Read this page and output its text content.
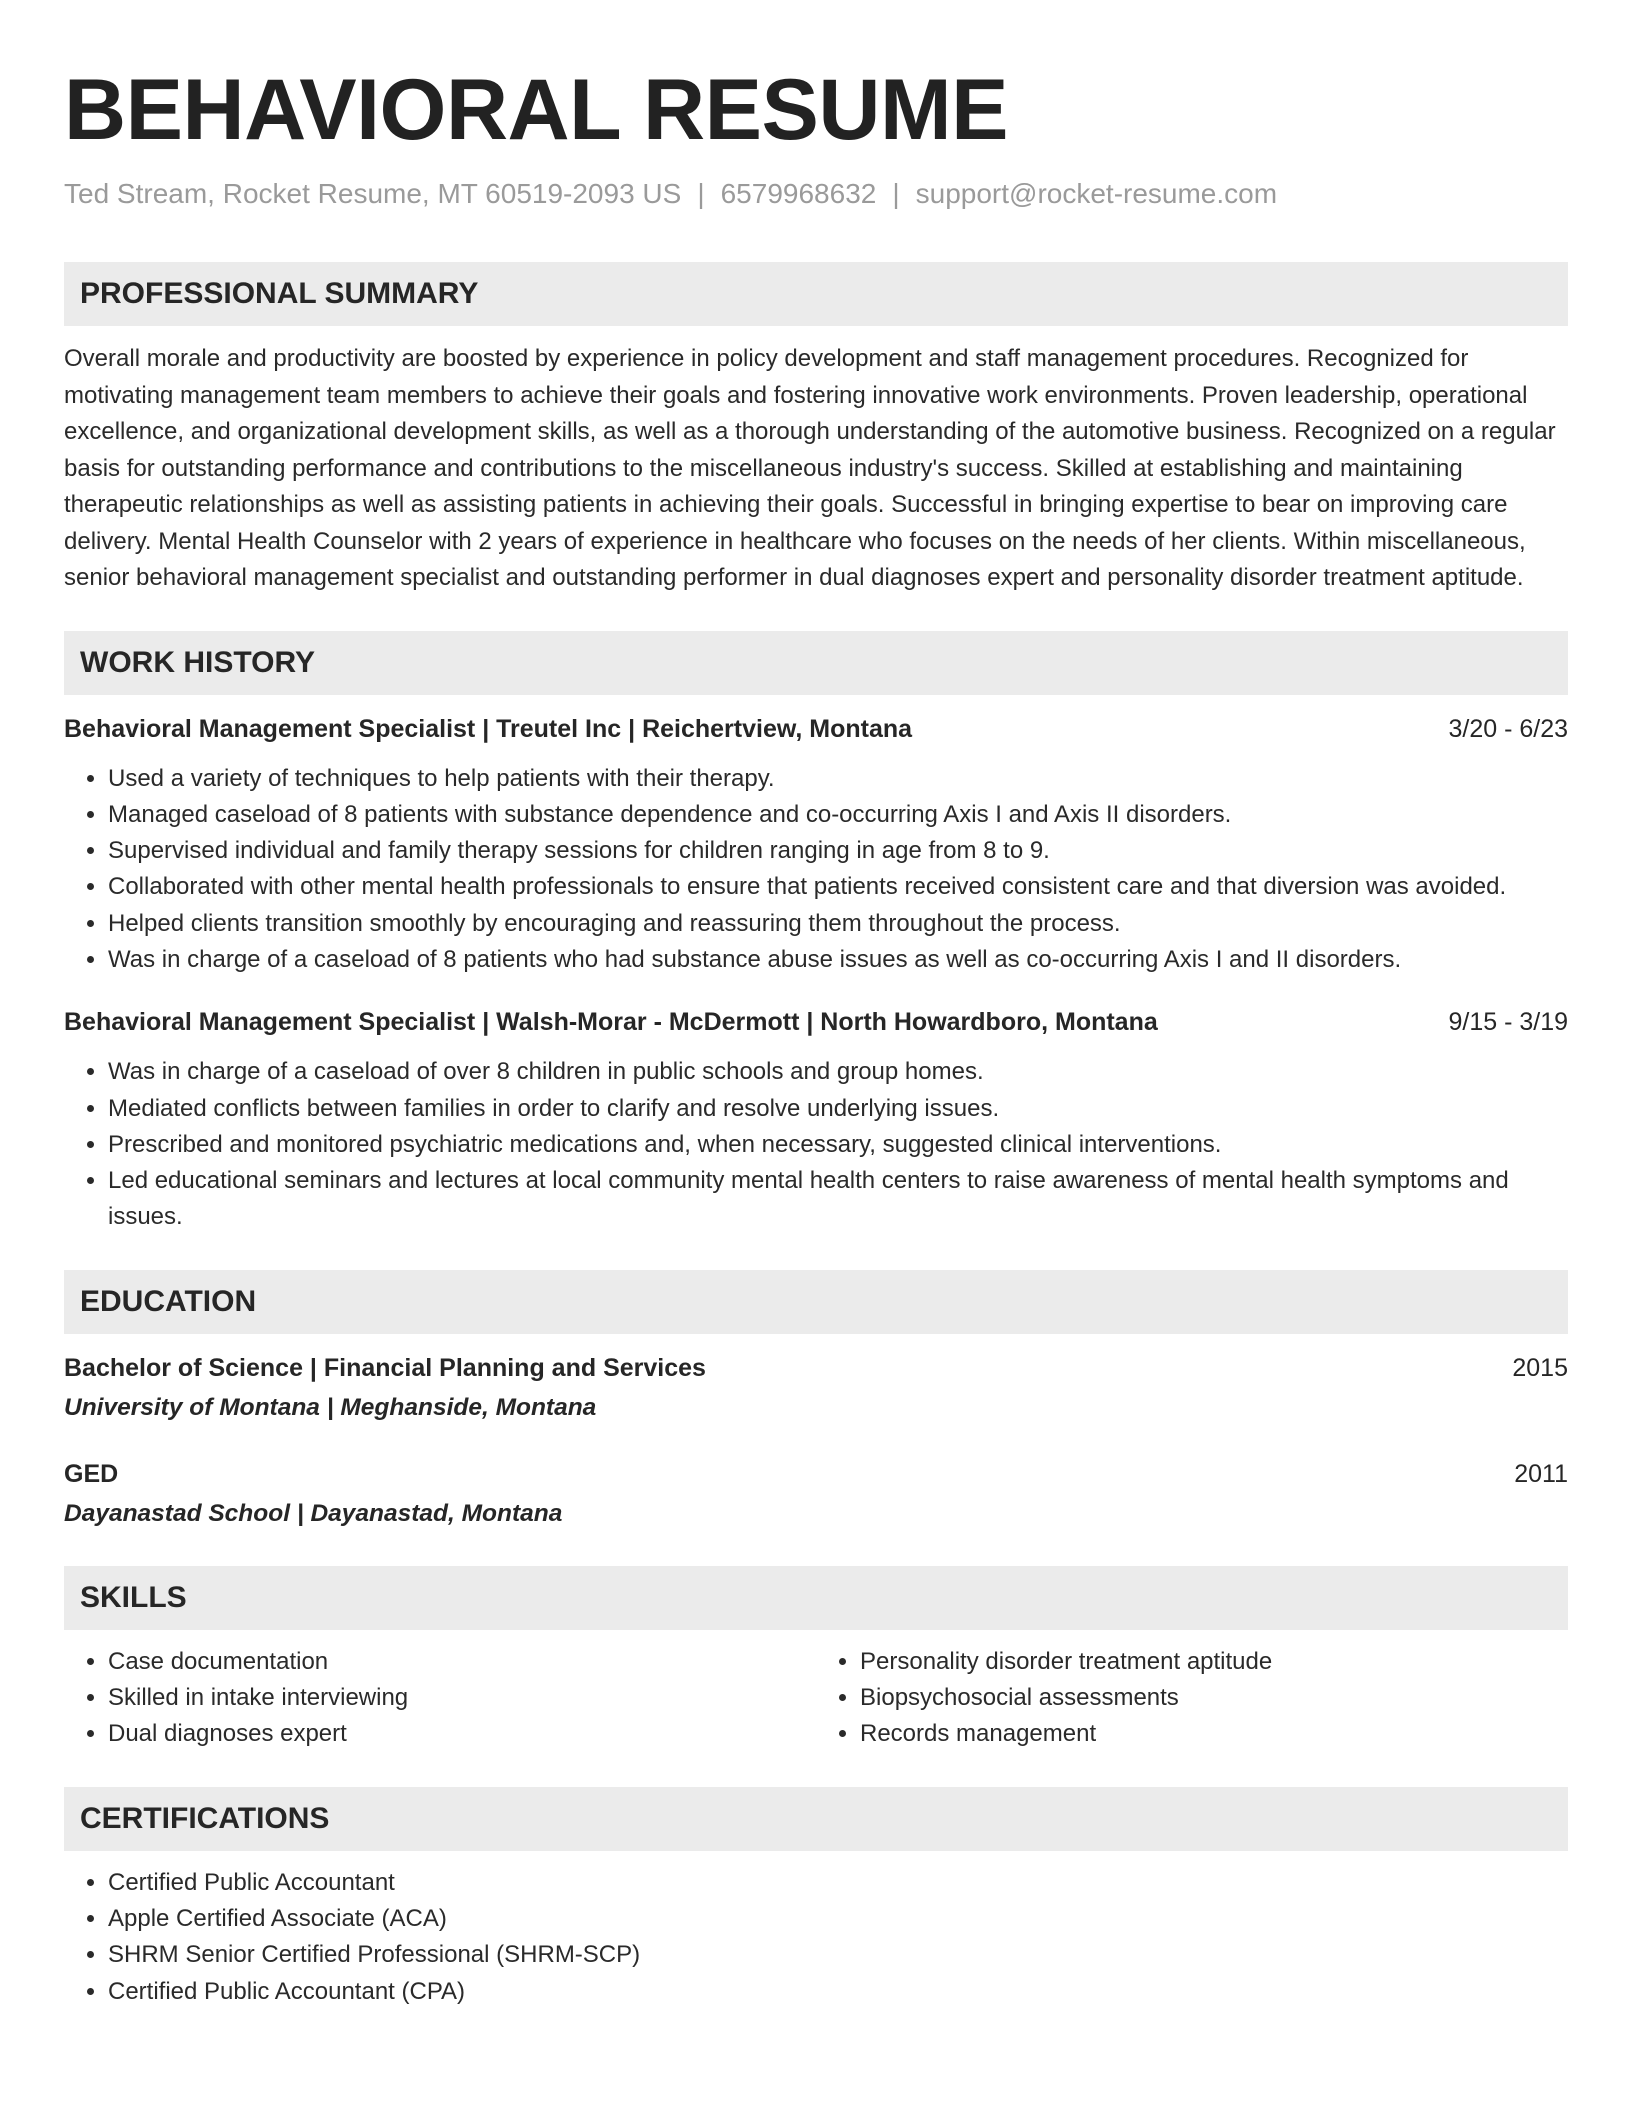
BEHAVIORAL RESUME
Ted Stream, Rocket Resume, MT 60519-2093 US | 6579968632 | support@rocket-resume.com
PROFESSIONAL SUMMARY
Overall morale and productivity are boosted by experience in policy development and staff management procedures. Recognized for motivating management team members to achieve their goals and fostering innovative work environments. Proven leadership, operational excellence, and organizational development skills, as well as a thorough understanding of the automotive business. Recognized on a regular basis for outstanding performance and contributions to the miscellaneous industry's success. Skilled at establishing and maintaining therapeutic relationships as well as assisting patients in achieving their goals. Successful in bringing expertise to bear on improving care delivery. Mental Health Counselor with 2 years of experience in healthcare who focuses on the needs of her clients. Within miscellaneous, senior behavioral management specialist and outstanding performer in dual diagnoses expert and personality disorder treatment aptitude.
WORK HISTORY
Behavioral Management Specialist | Treutel Inc | Reichertview, Montana	3/20 - 6/23
• Used a variety of techniques to help patients with their therapy.
• Managed caseload of 8 patients with substance dependence and co-occurring Axis I and Axis II disorders.
• Supervised individual and family therapy sessions for children ranging in age from 8 to 9.
• Collaborated with other mental health professionals to ensure that patients received consistent care and that diversion was avoided.
• Helped clients transition smoothly by encouraging and reassuring them throughout the process.
• Was in charge of a caseload of 8 patients who had substance abuse issues as well as co-occurring Axis I and II disorders.
Behavioral Management Specialist | Walsh-Morar - McDermott | North Howardboro, Montana	9/15 - 3/19
• Was in charge of a caseload of over 8 children in public schools and group homes.
• Mediated conflicts between families in order to clarify and resolve underlying issues.
• Prescribed and monitored psychiatric medications and, when necessary, suggested clinical interventions.
• Led educational seminars and lectures at local community mental health centers to raise awareness of mental health symptoms and issues.
EDUCATION
Bachelor of Science | Financial Planning and Services	2015
University of Montana | Meghanside, Montana
GED	2011
Dayanastad School | Dayanastad, Montana
SKILLS
• Case documentation
• Skilled in intake interviewing
• Dual diagnoses expert
• Personality disorder treatment aptitude
• Biopsychosocial assessments
• Records management
CERTIFICATIONS
• Certified Public Accountant
• Apple Certified Associate (ACA)
• SHRM Senior Certified Professional (SHRM-SCP)
• Certified Public Accountant (CPA)
